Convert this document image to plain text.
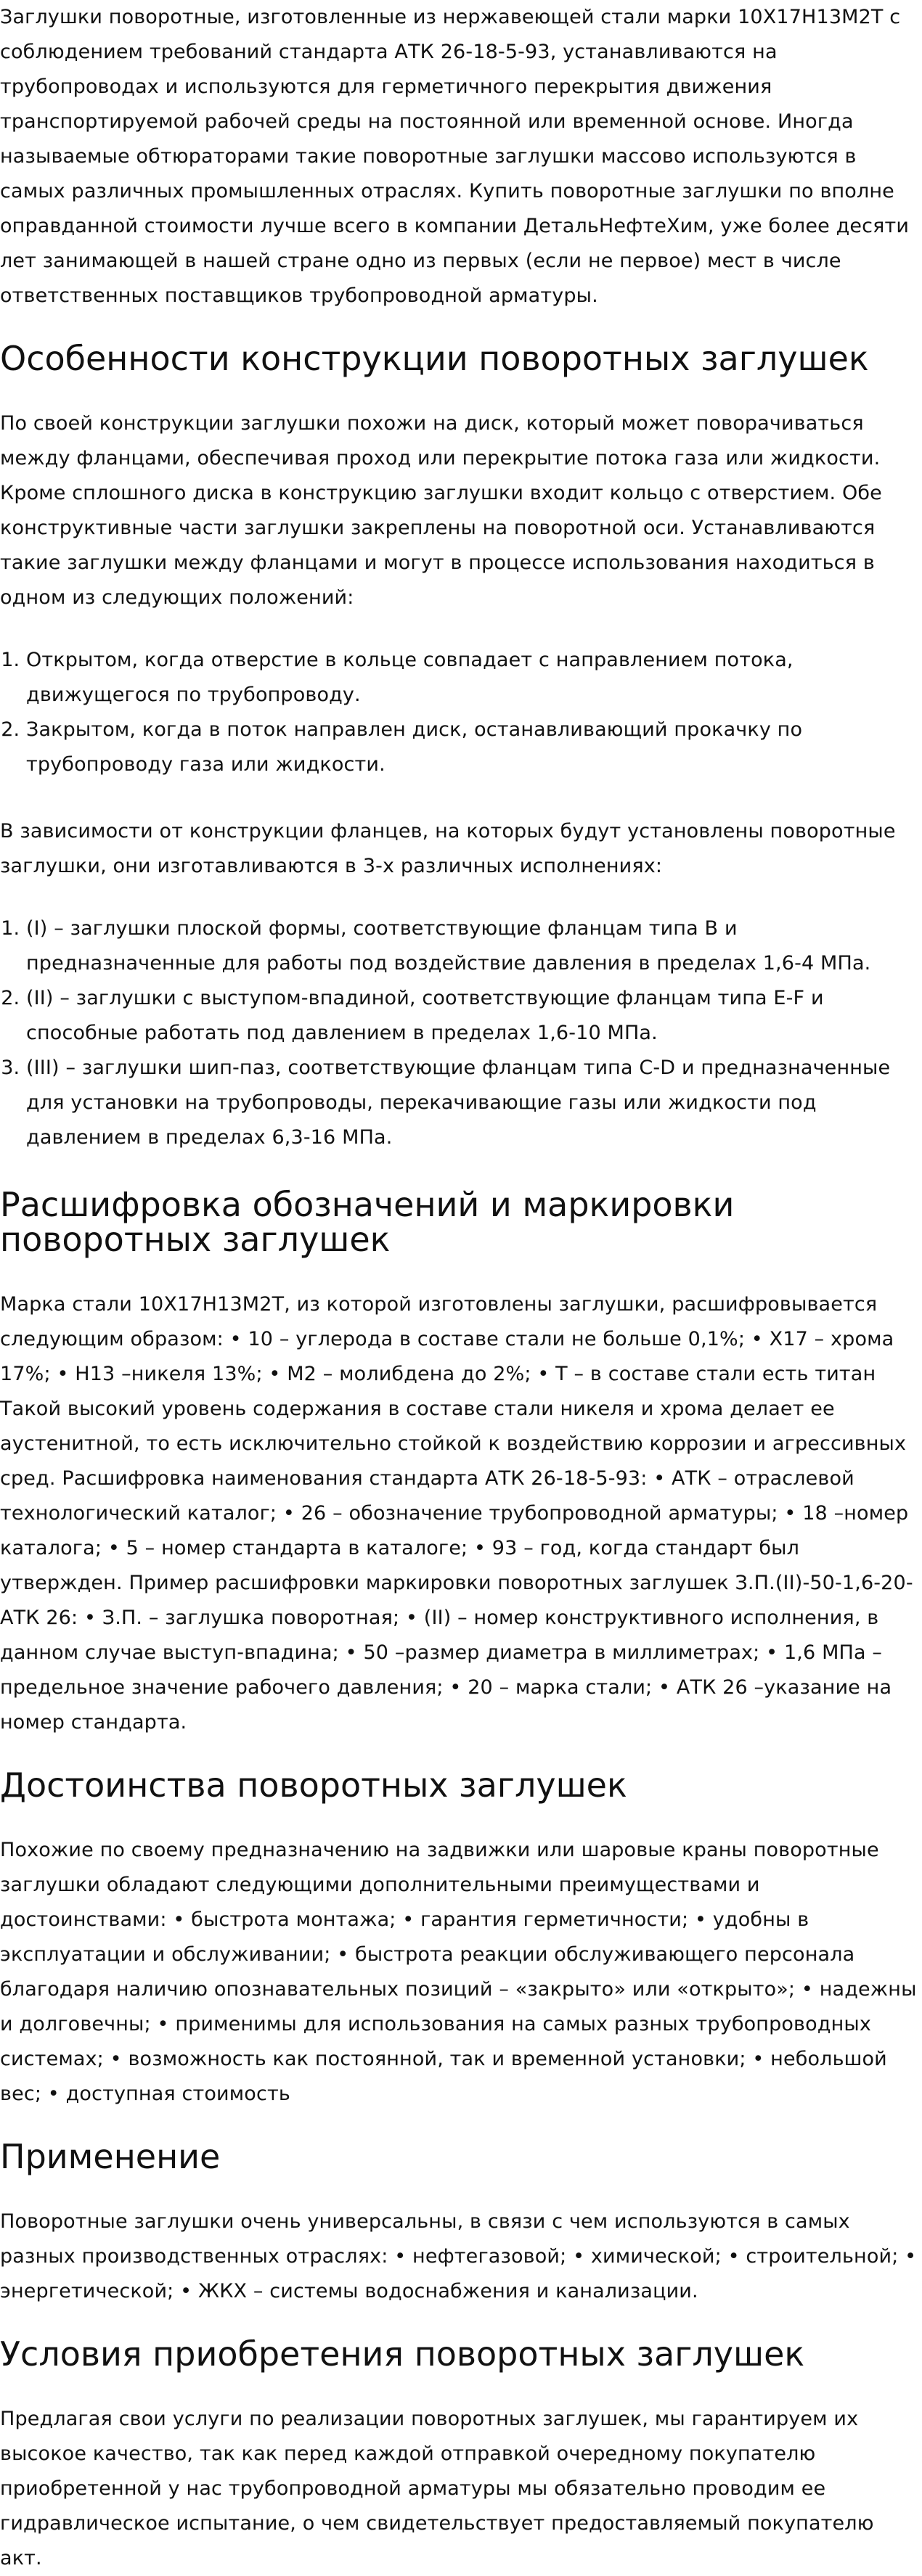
Заглушки поворотные, изготовленные из нержавеющей стали марки 10Х17Н13М2Т с соблюдением требований стандарта АТК 26-18-5-93, устанавливаются на трубопроводах и используются для герметичного перекрытия движения транспортируемой рабочей среды на постоянной или временной основе. Иногда называемые обтюраторами такие поворотные заглушки массово используются в самых различных промышленных отраслях. Купить поворотные заглушки по вполне оправданной стоимости лучше всего в компании ДетальНефтеХим, уже более десяти лет занимающей в нашей стране одно из первых (если не первое) мест в числе ответственных поставщиков трубопроводной арматуры.

Особенности конструкции поворотных заглушек

По своей конструкции заглушки похожи на диск, который может поворачиваться между фланцами, обеспечивая проход или перекрытие потока газа или жидкости. Кроме сплошного диска в конструкцию заглушки входит кольцо с отверстием. Обе конструктивные части заглушки закреплены на поворотной оси. Устанавливаются такие заглушки между фланцами и могут в процессе использования находиться в одном из следующих положений:

1. Открытом, когда отверстие в кольце совпадает с направлением потока, движущегося по трубопроводу.
2. Закрытом, когда в поток направлен диск, останавливающий прокачку по трубопроводу газа или жидкости.

В зависимости от конструкции фланцев, на которых будут установлены поворотные заглушки, они изготавливаются в 3-х различных исполнениях:

1. (I) – заглушки плоской формы, соответствующие фланцам типа B и предназначенные для работы под воздействие давления в пределах 1,6-4 МПа.
2. (II) – заглушки с выступом-впадиной, соответствующие фланцам типа E-F и способные работать под давлением в пределах 1,6-10 МПа.
3. (III) – заглушки шип-паз, соответствующие фланцам типа C-D и предназначенные для установки на трубопроводы, перекачивающие газы или жидкости под давлением в пределах 6,3-16 МПа.
Расшифровка обозначений и маркировки поворотных заглушек

Марка стали 10Х17Н13М2Т, из которой изготовлены заглушки, расшифровывается следующим образом: • 10 – углерода в составе стали не больше 0,1%; • Х17 – хрома 17%; • Н13 –никеля 13%; • М2 – молибдена до 2%; • Т – в составе стали есть титан Такой высокий уровень содержания в составе стали никеля и хрома делает ее аустенитной, то есть исключительно стойкой к воздействию коррозии и агрессивных сред. Расшифровка наименования стандарта АТК 26-18-5-93: • АТК – отраслевой технологический каталог; • 26 – обозначение трубопроводной арматуры; • 18 –номер каталога; • 5 – номер стандарта в каталоге; • 93 – год, когда стандарт был утвержден. Пример расшифровки маркировки поворотных заглушек З.П.(II)-50-1,6-20-АТК 26: • З.П. – заглушка поворотная; • (II) – номер конструктивного исполнения, в данном случае выступ-впадина; • 50 –размер диаметра в миллиметрах; • 1,6 МПа – предельное значение рабочего давления; • 20 – марка стали; • АТК 26 –указание на номер стандарта.

Достоинства поворотных заглушек

Похожие по своему предназначению на задвижки или шаровые краны поворотные заглушки обладают следующими дополнительными преимуществами и достоинствами: • быстрота монтажа; • гарантия герметичности; • удобны в эксплуатации и обслуживании; • быстрота реакции обслуживающего персонала благодаря наличию опознавательных позиций – «закрыто» или «открыто»; • надежны и долговечны; • применимы для использования на самых разных трубопроводных системах; • возможность как постоянной, так и временной установки; • небольшой вес; • доступная стоимость

Применение

Поворотные заглушки очень универсальны, в связи с чем используются в самых разных производственных отраслях: • нефтегазовой; • химической; • строительной; • энергетической; • ЖКХ – системы водоснабжения и канализации.

Условия приобретения поворотных заглушек

Предлагая свои услуги по реализации поворотных заглушек, мы гарантируем их высокое качество, так как перед каждой отправкой очередному покупателю приобретенной у нас трубопроводной арматуры мы обязательно проводим ее гидравлическое испытание, о чем свидетельствует предоставляемый покупателю акт.
